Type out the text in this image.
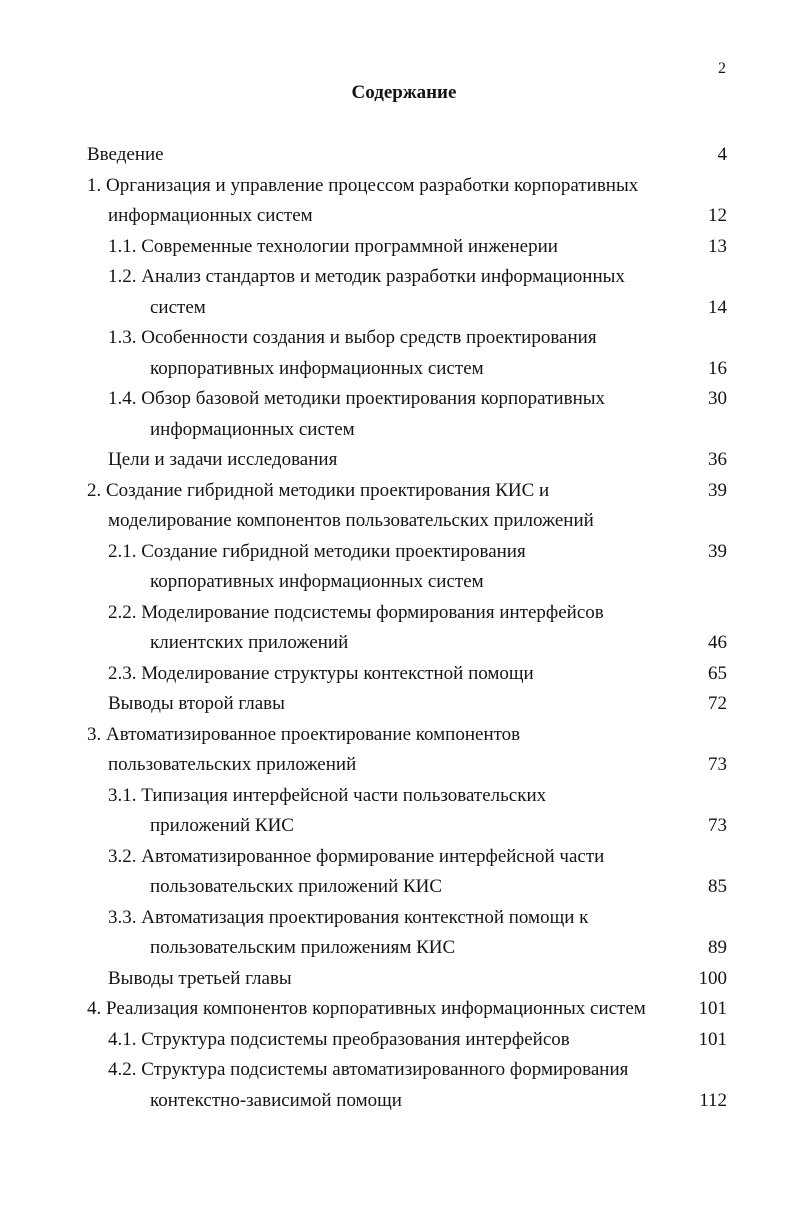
2
Содержание
Введение	4
1. Организация и управление процессом разработки корпоративных
информационных систем	12
1.1. Современные технологии программной инженерии	13
1.2. Анализ стандартов и методик разработки информационных
систем	14
1.3. Особенности создания и выбор средств проектирования
корпоративных информационных систем	16
1.4. Обзор базовой методики проектирования корпоративных	30
информационных систем
Цели и задачи исследования	36
2. Создание гибридной методики проектирования КИС и	39
моделирование компонентов пользовательских приложений
2.1. Создание гибридной методики проектирования	39
корпоративных информационных систем
2.2. Моделирование подсистемы формирования интерфейсов
клиентских приложений	46
2.3. Моделирование структуры контекстной помощи	65
Выводы второй главы	72
3. Автоматизированное проектирование компонентов
пользовательских приложений	73
3.1. Типизация интерфейсной части пользовательских
приложений КИС	73
3.2. Автоматизированное формирование интерфейсной части
пользовательских приложений КИС	85
3.3. Автоматизация проектирования контекстной помощи к
пользовательским приложениям КИС	89
Выводы третьей главы	100
4. Реализация компонентов корпоративных информационных систем	101
4.1. Структура подсистемы преобразования интерфейсов	101
4.2. Структура подсистемы автоматизированного формирования
контекстно-зависимой помощи	112
